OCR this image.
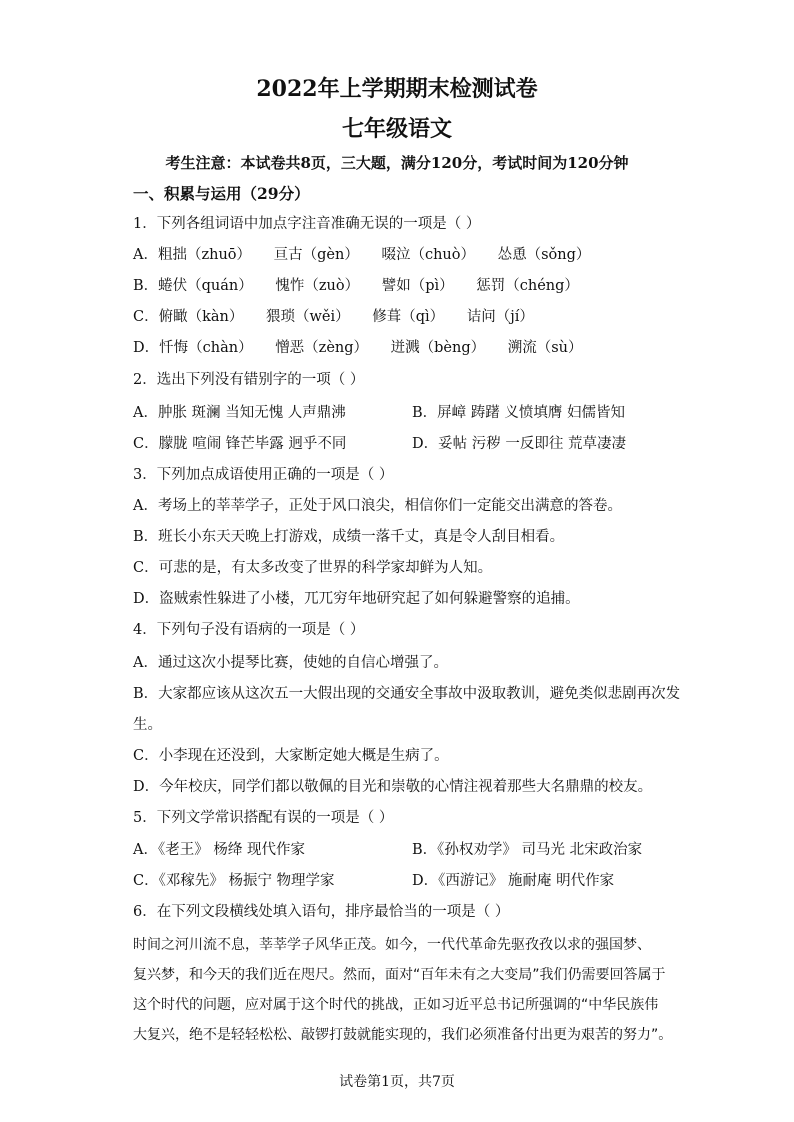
2022年上学期期末检测试卷
七年级语文
考生注意：本试卷共8页，三大题，满分120分，考试时间为120分钟
一、积累与运用（29分）
1．下列各组词语中加点字注音准确无误的一项是（ ）
A．粗拙（zhuō） 亘古（gèn） 啜泣（chuò） 怂恿（sǒng）
B．蜷伏（quán） 愧怍（zuò） 譬如（pì） 惩罚（chéng）
C．俯瞰（kàn） 猥琐（wěi） 修葺（qì） 诘问（jí）
D．忏悔（chàn） 憎恶（zèng） 迸溅（bèng） 溯流（sù）
2．选出下列没有错别字的一项（ ）
A．肿胀 斑澜 当知无愧 人声鼎沸	B．屏嶂 踌躇 义愤填膺 妇儒皆知
C．朦胧 喧闹 锋芒毕露 迥乎不同	D．妥帖 污秽 一反即往 荒草凄凄
3．下列加点成语使用正确的一项是（ ）
A．考场上的莘莘学子，正处于风口浪尖，相信你们一定能交出满意的答卷。
B．班长小东天天晚上打游戏，成绩一落千丈，真是令人刮目相看。
C．可悲的是，有太多改变了世界的科学家却鲜为人知。
D．盗贼索性躲进了小楼，兀兀穷年地研究起了如何躲避警察的追捕。
4．下列句子没有语病的一项是（ ）
A．通过这次小提琴比赛，使她的自信心增强了。
B．大家都应该从这次五一大假出现的交通安全事故中汲取教训，避免类似悲剧再次发
生。
C．小李现在还没到，大家断定她大概是生病了。
D．今年校庆，同学们都以敬佩的目光和崇敬的心情注视着那些大名鼎鼎的校友。
5．下列文学常识搭配有误的一项是（ ）
A．《老王》 杨绛 现代作家	B．《孙权劝学》 司马光 北宋政治家
C．《邓稼先》 杨振宁 物理学家	D．《西游记》 施耐庵 明代作家
6．在下列文段横线处填入语句，排序最恰当的一项是（ ）
时间之河川流不息，莘莘学子风华正茂。如今，一代代革命先驱孜孜以求的强国梦、
复兴梦，和今天的我们近在咫尺。然而，面对“百年未有之大变局”我们仍需要回答属于
这个时代的问题，应对属于这个时代的挑战，正如习近平总书记所强调的“中华民族伟
大复兴，绝不是轻轻松松、敲锣打鼓就能实现的，我们必须准备付出更为艰苦的努力”。
试卷第1页，共7页
